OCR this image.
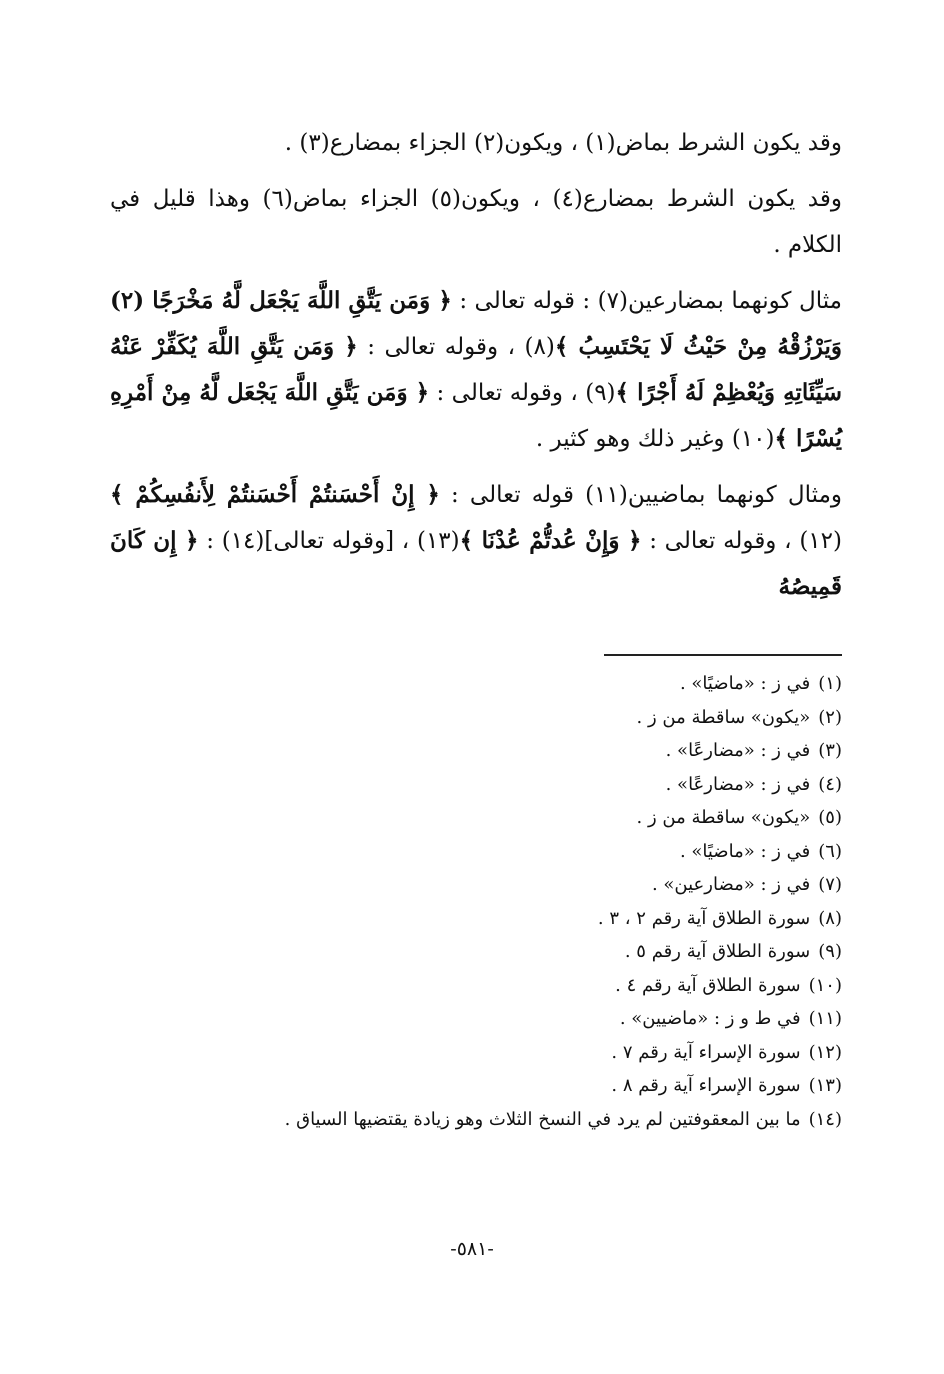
وقد يكون الشرط بماض(١) ، ويكون(٢) الجزاء بمضارع(٣) .

وقد يكون الشرط بمضارع(٤) ، ويكون(٥) الجزاء بماض(٦) وهذا قليل في الكلام .

مثال كونهما بمضارعين(٧) : قوله تعالى : ﴿ وَمَن يَتَّقِ اللَّهَ يَجْعَل لَّهُ مَخْرَجًا (٢) وَيَرْزُقْهُ مِنْ حَيْثُ لَا يَحْتَسِبُ ﴾(٨) ، وقوله تعالى : ﴿ وَمَن يَتَّقِ اللَّهَ يُكَفِّرْ عَنْهُ سَيِّئَاتِهِ وَيُعْظِمْ لَهُ أَجْرًا ﴾(٩) ، وقوله تعالى : ﴿ وَمَن يَتَّقِ اللَّهَ يَجْعَل لَّهُ مِنْ أَمْرِهِ يُسْرًا ﴾(١٠) وغير ذلك وهو كثير .

ومثال كونهما بماضيين(١١) قوله تعالى : ﴿ إِنْ أَحْسَنتُمْ أَحْسَنتُمْ لِأَنفُسِكُمْ ﴾(١٢) ، وقوله تعالى : ﴿ وَإِنْ عُدتُّمْ عُدْنَا ﴾(١٣) ، [وقوله تعالى](١٤) : ﴿ إِن كَانَ قَمِيصُهُ

(١)في ز : «ماضيًا» .
(٢)«يكون» ساقطة من ز .
(٣)في ز : «مضارعًا» .
(٤)في ز : «مضارعًا» .
(٥)«يكون» ساقطة من ز .
(٦)في ز : «ماضيًا» .
(٧)في ز : «مضارعين» .
(٨)سورة الطلاق آية رقم ٢ ، ٣ .
(٩)سورة الطلاق آية رقم ٥ .
(١٠)سورة الطلاق آية رقم ٤ .
(١١)في ط و ز : «ماضيين» .
(١٢)سورة الإسراء آية رقم ٧ .
(١٣)سورة الإسراء آية رقم ٨ .
(١٤)ما بين المعقوفتين لم يرد في النسخ الثلاث وهو زيادة يقتضيها السياق .
-٥٨١-
